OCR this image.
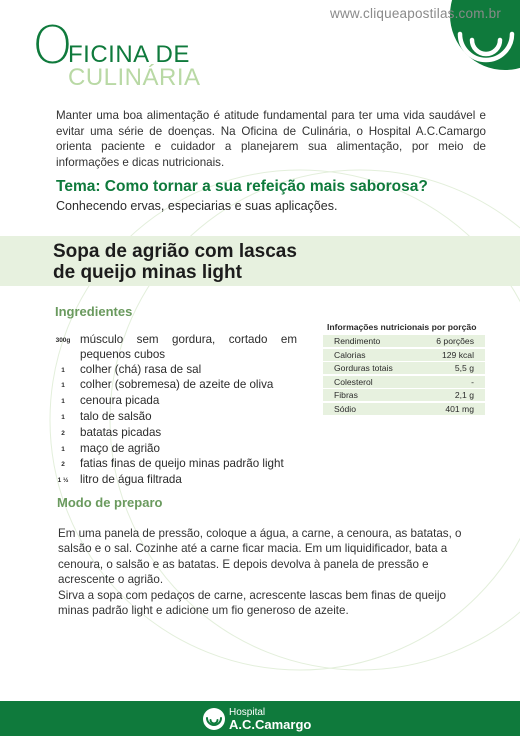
www.cliqueapostilas.com.br
O
FICINA DE
CULINÁRIA

Manter uma boa alimentação é atitude fundamental para ter uma vida saudável e evitar uma série de doenças. Na Oficina de Culinária, o Hospital A.C.Camargo orienta paciente e cuidador a planejarem sua alimentação, por meio de informações e dicas nutricionais.

Tema: Como tornar a sua refeição mais saborosa?

Conhecendo ervas, especiarias e suas aplicações.

Sopa de agrião com lascas
de queijo minas light
Ingredientes
300g músculo sem gordura, cortado em pequenos cubos
1	colher (chá) rasa de sal
1	colher (sobremesa) de azeite de oliva
1	cenoura picada
1	talo de salsão
2	batatas picadas
1	maço de agrião
2	fatias finas de queijo minas padrão light
1 ½ litro de água filtrada
Informações nutricionais por porção
Rendimento	6 porções
Calorias	129 kcal
Gorduras totais	5,5 g
Colesterol	-
Fibras	2,1 g
Sódio	401 mg
Modo de preparo

Em uma panela de pressão, coloque a água, a carne, a cenoura, as batatas, o salsão e o sal. Cozinhe até a carne ficar macia. Em um liquidificador, bata a cenoura, o salsão e as batatas. E depois devolva à panela de pressão e acrescente o agrião.

Sirva a sopa com pedaços de carne, acrescente lascas bem finas de queijo minas padrão light e adicione um fio generoso de azeite.

Hospital
A.C.Camargo
